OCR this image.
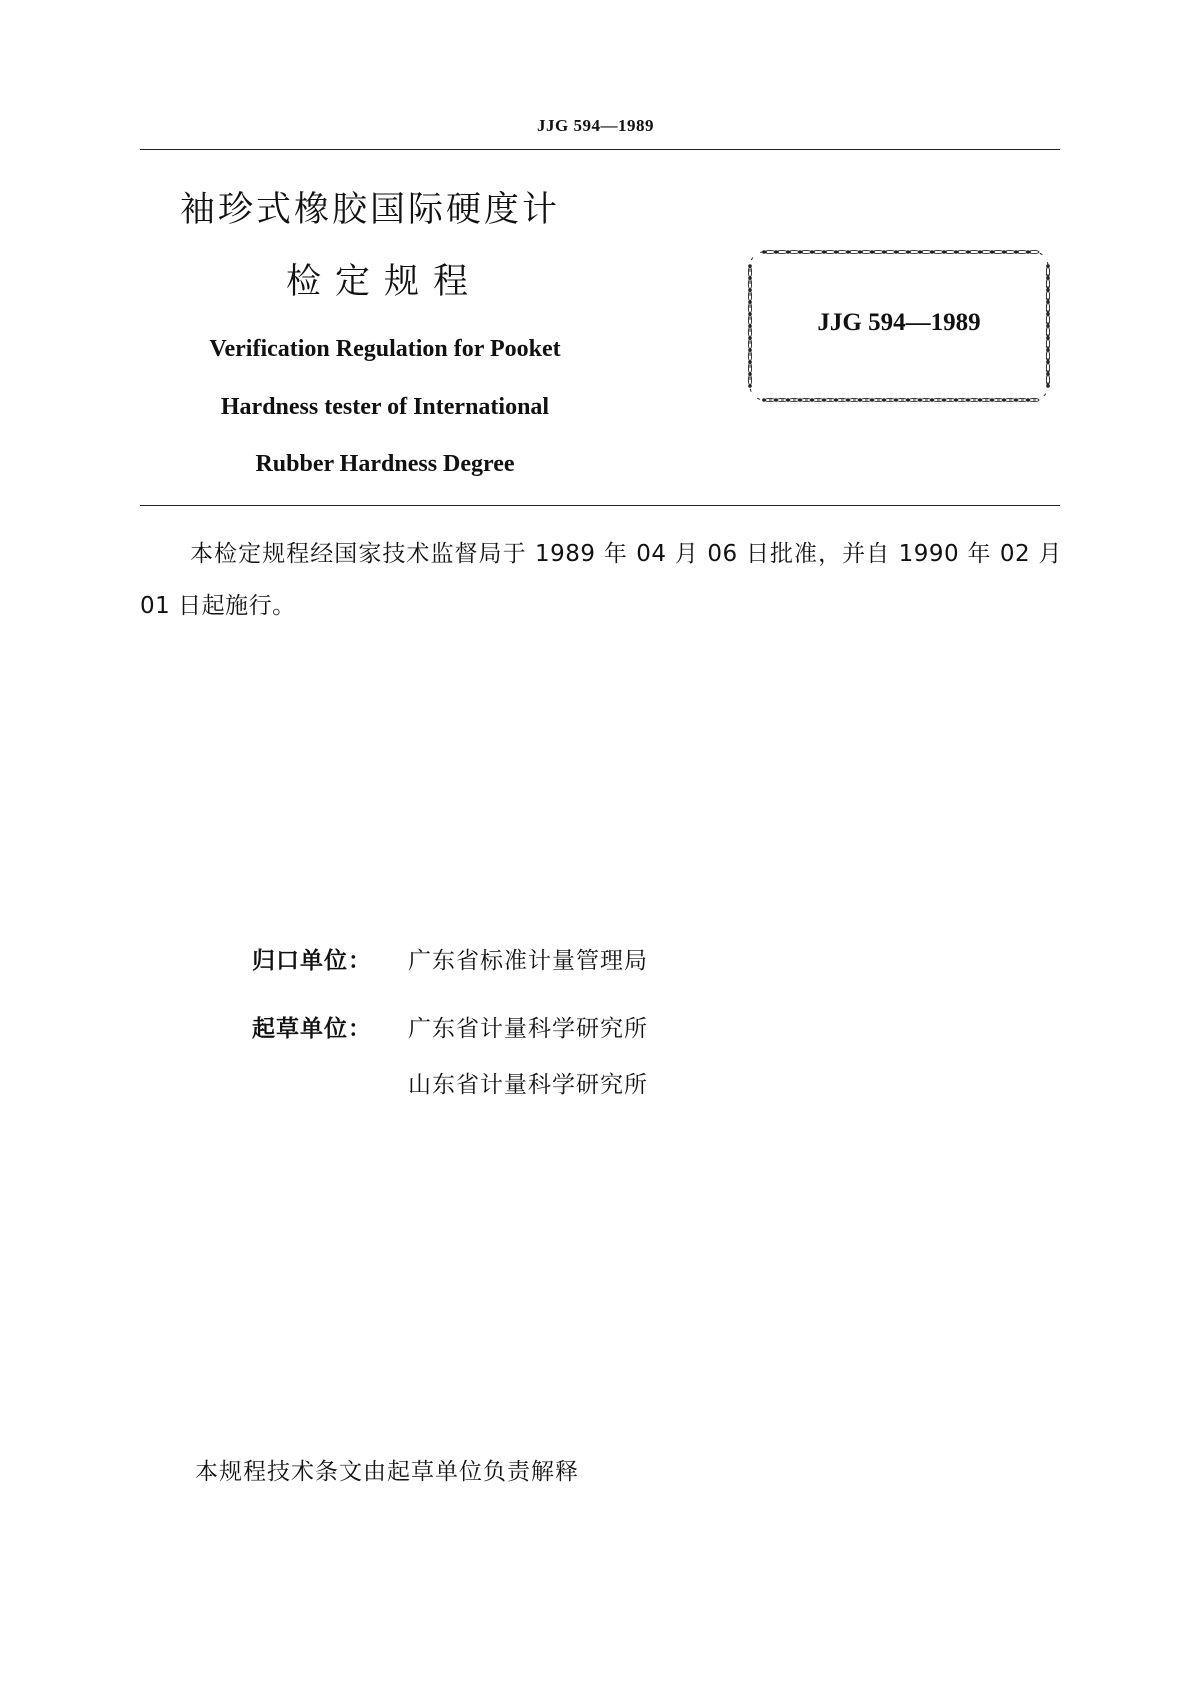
JJG 594—1989
袖珍式橡胶国际硬度计
检定规程
Verification Regulation for Pooket
Hardness tester of International
Rubber Hardness Degree
JJG 594—1989
本检定规程经国家技术监督局于 1989 年 04 月 06 日批准，并自 1990 年 02 月 01 日起施行。
归口单位： 广东省标准计量管理局
起草单位： 广东省计量科学研究所
山东省计量科学研究所
本规程技术条文由起草单位负责解释
